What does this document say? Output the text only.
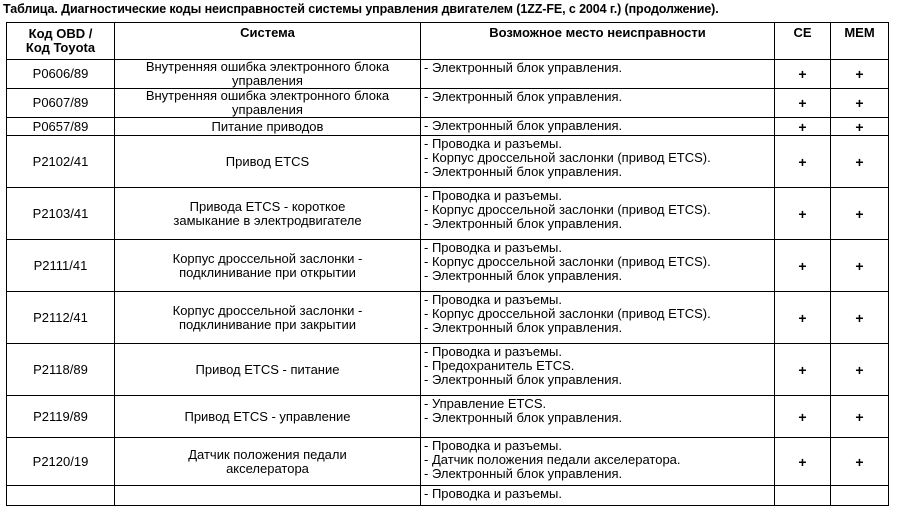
Таблица. Диагностические коды неисправностей системы управления двигателем (1ZZ-FE, с 2004 г.) (продолжение).
Код OBD /
Код Toyota	Система	Возможное место неисправности	CE	MEM
P0606/89	Внутренняя ошибка электронного блока
управления	- Электронный блок управления.	+	+
P0607/89	Внутренняя ошибка электронного блока
управления	- Электронный блок управления.	+	+
P0657/89	Питание приводов	- Электронный блок управления.	+	+
P2102/41	Привод ETCS	- Проводка и разъемы.
- Корпус дроссельной заслонки (привод ETCS).
- Электронный блок управления.	+	+
P2103/41	Привода ETCS - короткое
замыкание в электродвигателе	- Проводка и разъемы.
- Корпус дроссельной заслонки (привод ETCS).
- Электронный блок управления.	+	+
P2111/41	Корпус дроссельной заслонки -
подклинивание при открытии	- Проводка и разъемы.
- Корпус дроссельной заслонки (привод ETCS).
- Электронный блок управления.	+	+
P2112/41	Корпус дроссельной заслонки -
подклинивание при закрытии	- Проводка и разъемы.
- Корпус дроссельной заслонки (привод ETCS).
- Электронный блок управления.	+	+
P2118/89	Привод ETCS - питание	- Проводка и разъемы.
- Предохранитель ETCS.
- Электронный блок управления.	+	+
P2119/89	Привод ETCS - управление	- Управление ETCS.
- Электронный блок управления.	+	+
P2120/19	Датчик положения педали
акселератора	- Проводка и разъемы.
- Датчик положения педали акселератора.
- Электронный блок управления.	+	+

		- Проводка и разъемы.		
